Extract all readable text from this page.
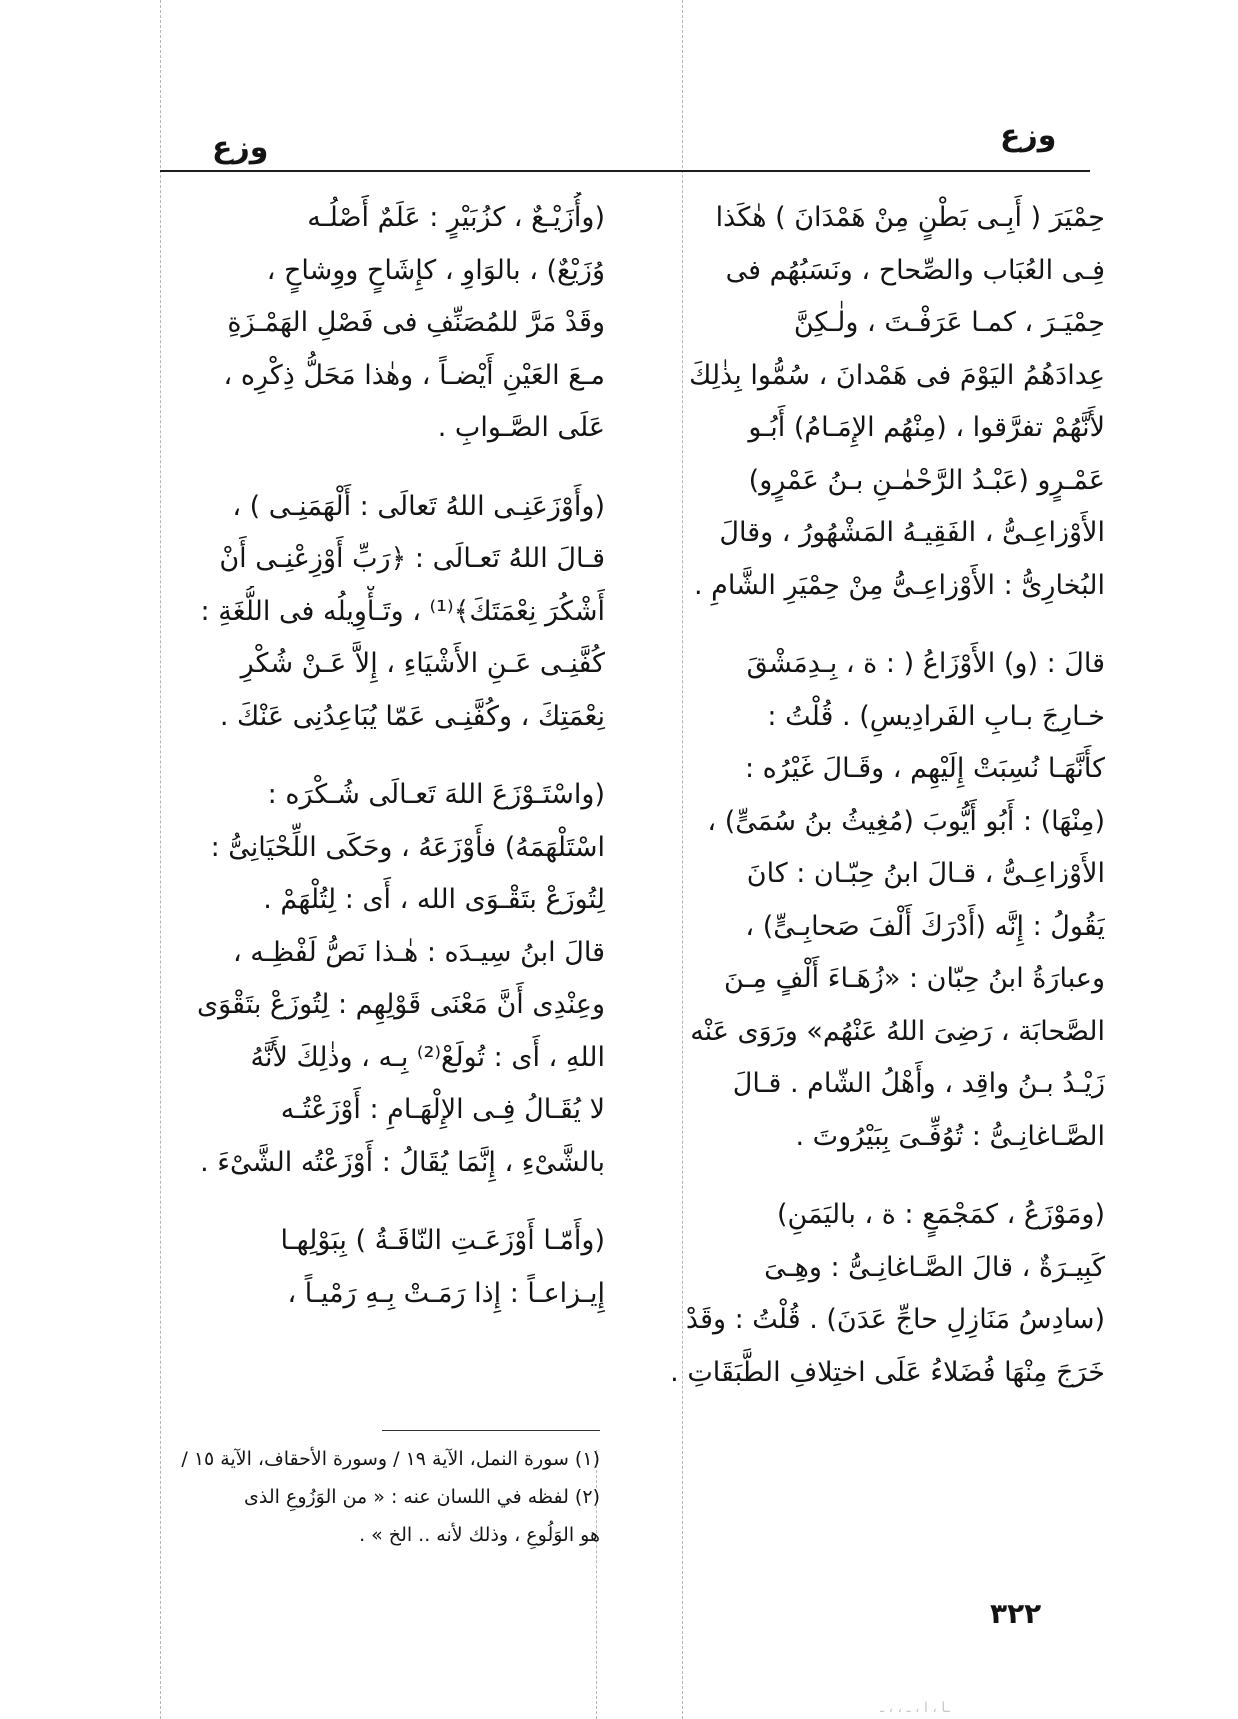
وزع
وزع
حِمْيَرَ ( أَبِـى بَطْنٍ مِنْ هَمْدَانَ ) هٰكَذا
فِـى العُبَاب والصِّحاح ، ونَسَبُهُم فى
حِمْيَـرَ ، كمـا عَرَفْـتَ ، ولٰـكِنَّ
عِدادَهُمُ اليَوْمَ فى هَمْدانَ ، سُمُّوا بِذٰلِكَ
لأَنَّهُمْ تفرَّقوا ، (مِنْهُم الإِمَـامُ) أَبُـو
عَمْـرٍو (عَبْـدُ الرَّحْمٰـنِ بـنُ عَمْرٍو)
الأَوْزاعِـىُّ ، الفَقِيـهُ المَشْهُورُ ، وقالَ
البُخارِىُّ : الأَوْزاعِـىُّ مِنْ حِمْيَرِ الشَّامِ .
قالَ : (و) الأَوْزَاعُ ( : ة ، بِـدِمَشْقَ
خـارِجَ بـابِ الفَرادِيسِ) . قُلْتُ :
كأَنَّهَـا نُسِبَتْ إِلَيْهِم ، وقَـالَ غَيْرُه :
(مِنْهَا) : أَبُو أَيُّوبَ (مُغِيثُ بنُ سُمَىٍّ) ،
الأَوْزاعِـىُّ ، قـالَ ابنُ حِبّـان : كانَ
يَقُولُ : إِنَّه (أَدْرَكَ أَلْفَ صَحابِـىٍّ) ،
وعبارَةُ ابنُ حِبّان : «زُهَـاءَ أَلْفٍ مِـنَ
الصَّحابَة ، رَضِىَ اللهُ عَنْهُم» ورَوَى عَنْه
زَيْـدُ بـنُ واقِد ، وأَهْلُ الشّام . قـالَ
الصَّـاغانِـىُّ : تُوُفِّـىَ بِبَيْرُوتَ .
(ومَوْزَعُ ، كمَجْمَعٍ : ة ، باليَمَنِ)
كَبِيـرَةٌ ، قالَ الصَّـاغانِـىُّ : وهِـىَ
(سادِسُ مَنَازِلِ حاجِّ عَدَنَ) . قُلْتُ : وقَدْ
خَرَجَ مِنْهَا فُضَلاءُ عَلَى اختِلافِ الطَّبَقَاتِ .
(وأُزَيْـعٌ ، كزُبَيْرٍ : عَلَمٌ أَصْلُـه
وُزَيْعٌ) ، بالوَاوِ ، كإِشَاحٍ ووِشاحٍ ،
وقَدْ مَرَّ للمُصَنِّفِ فى فَصْلِ الهَمْـزَةِ
مـعَ العَيْنِ أَيْضـاً ، وهٰذا مَحَلُّ ذِكْرِه ،
عَلَى الصَّـوابِ .
(وأَوْزَعَنِـى اللهُ تَعالَى : أَلْهَمَنِـى ) ،
قـالَ اللهُ تَعـالَى : ﴿رَبِّ أَوْزِعْنِـى أَنْ
أَشْكُرَ نِعْمَتَكَ﴾⁽¹⁾ ، وتَـأْوِيلُه فى اللُّغَةِ :
كُفَّنِـى عَـنِ الأَشْيَاءِ ، إِلاَّ عَـنْ شُكْرِ
نِعْمَتِكَ ، وكُفَّنِـى عَمّا يُبَاعِدُنِى عَنْكَ .
(واسْتَـوْزَعَ اللهَ تَعـالَى شُـكْرَه :
اسْتَلْهَمَهُ) فأَوْزَعَهُ ، وحَكَى اللِّحْيَانِىُّ :
لِتُوزَعْ بتَقْـوَى الله ، أَى : لِتُلْهَمْ .
قالَ ابنُ سِيـدَه : هٰـذا نَصُّ لَفْظِـه ،
وعِنْدِى أَنَّ مَعْنَى قَوْلِهِم : لِتُوزَعْ بتَقْوَى
اللهِ ، أَى : تُولَعْ⁽²⁾ بِـه ، وذٰلِكَ لأَنَّهُ
لا يُقَـالُ فِـى الإِلْهَـامِ : أَوْزَعْتُـه
بالشَّىْءِ ، إِنَّمَا يُقَالُ : أَوْزَعْتُه الشَّىْءَ .
(وأَمّـا أَوْزَعَـتِ النّاقَـةُ ) بِبَوْلِهـا
إِيـزاعـاً : إِذا رَمَـتْ بِـهِ رَمْيـاً ،
(١) سورة النمل، الآية ١٩ / وسورة الأحقاف، الآية ١٥ /
(٢) لفظه في اللسان عنه : « من الوَزُوعِ الذى
هو الوَلُوعِ ، وذلك لأنه .. الخ » .
٣٢٢
ـا ، ا ، ـ ، ، ـ
